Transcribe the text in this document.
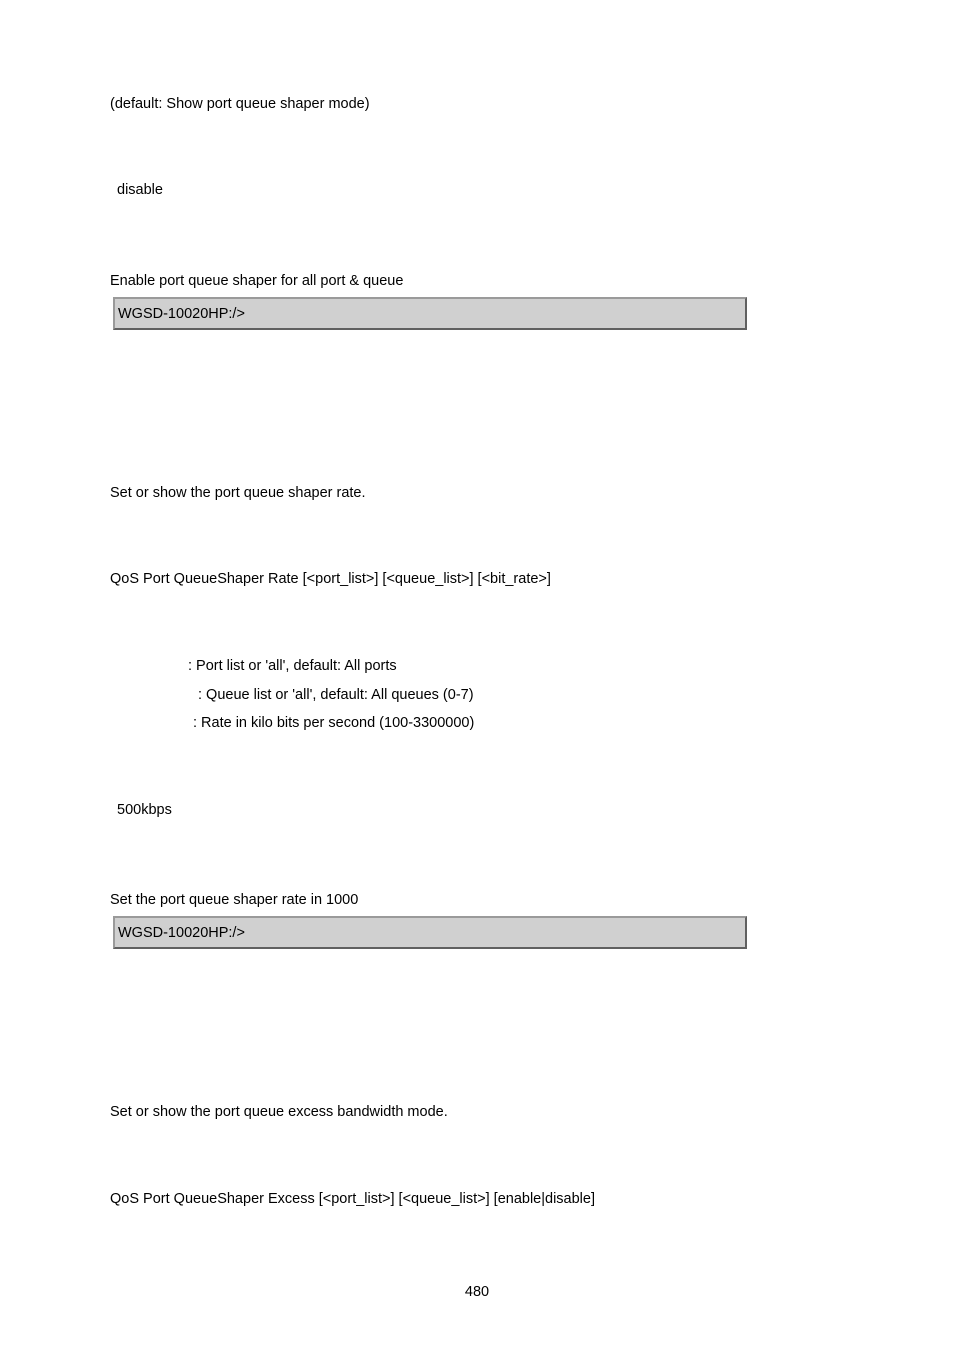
(default: Show port queue shaper mode)
disable
Enable port queue shaper for all port & queue
WGSD-10020HP:/>
Set or show the port queue shaper rate.
QoS Port QueueShaper Rate [<port_list>] [<queue_list>] [<bit_rate>]
: Port list or 'all', default: All ports
: Queue list or 'all', default: All queues (0-7)
: Rate in kilo bits per second (100-3300000)
500kbps
Set the port queue shaper rate in 1000
WGSD-10020HP:/>
Set or show the port queue excess bandwidth mode.
QoS Port QueueShaper Excess [<port_list>] [<queue_list>] [enable|disable]
480
